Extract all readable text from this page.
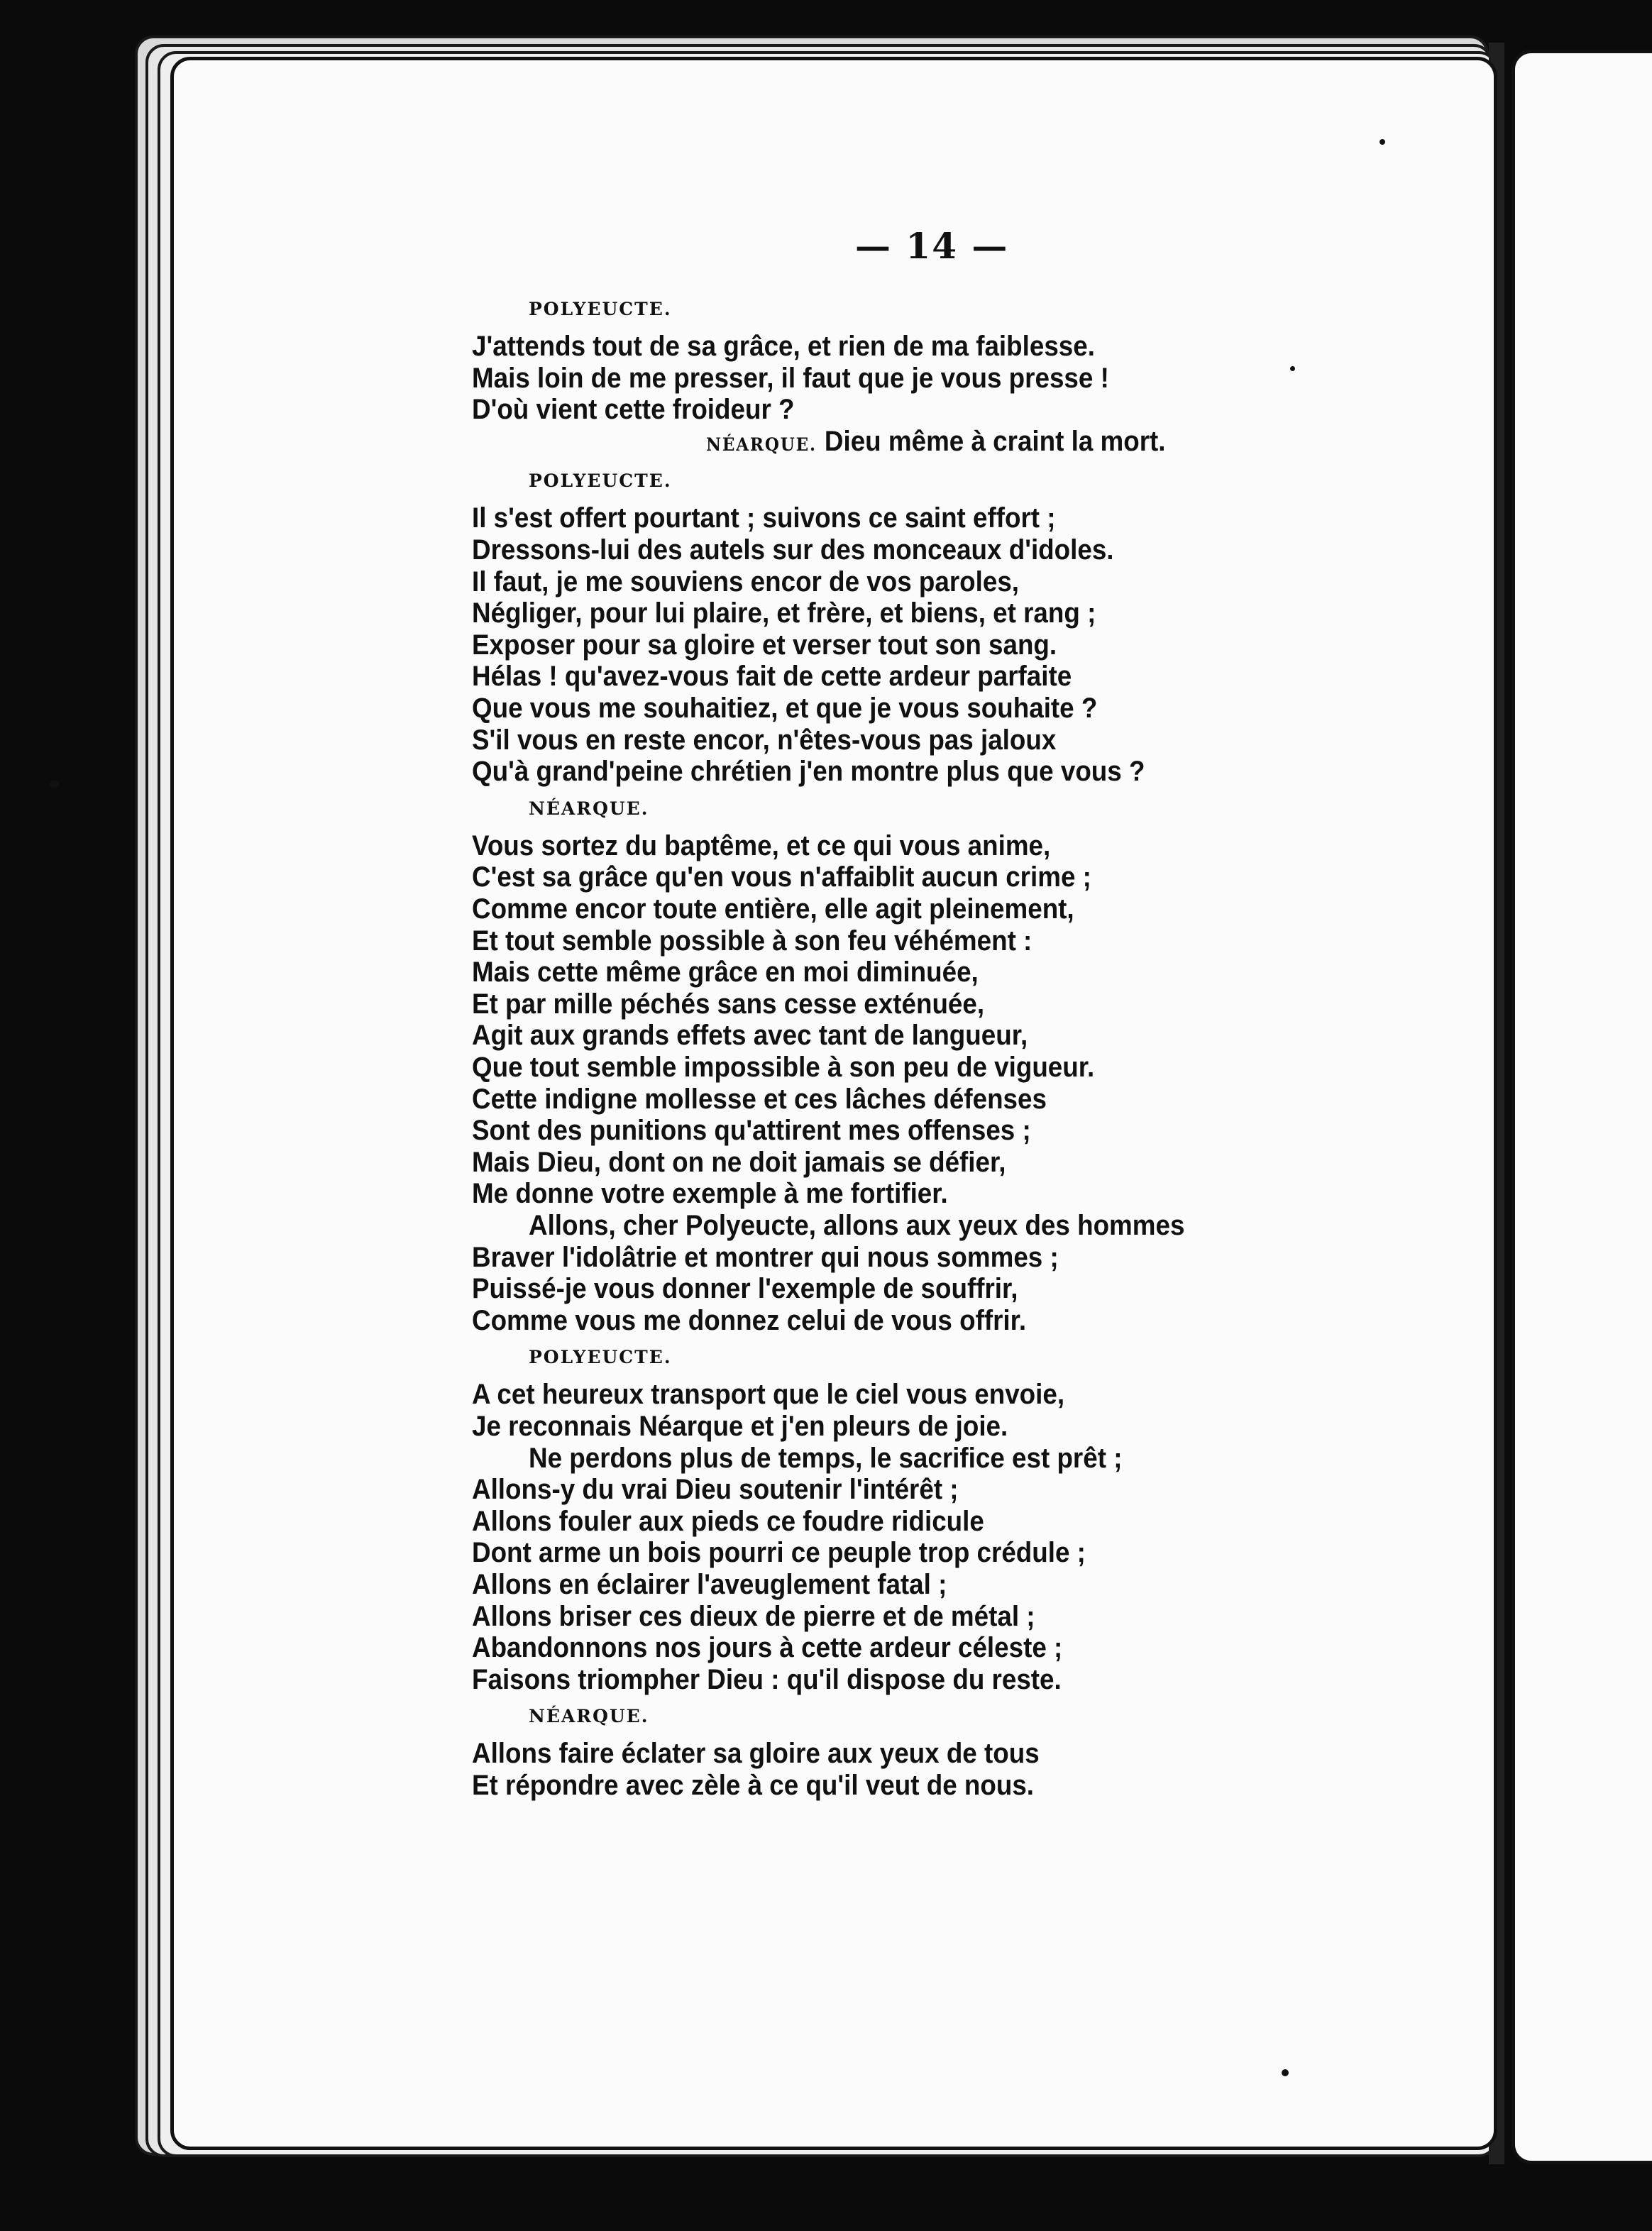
— 14 —
POLYEUCTE.
J'attends tout de sa grâce, et rien de ma faiblesse.
Mais loin de me presser, il faut que je vous presse !
D'où vient cette froideur ?
NÉARQUE. Dieu même à craint la mort.
POLYEUCTE.
Il s'est offert pourtant ; suivons ce saint effort ;
Dressons-lui des autels sur des monceaux d'idoles.
Il faut, je me souviens encor de vos paroles,
Négliger, pour lui plaire, et frère, et biens, et rang ;
Exposer pour sa gloire et verser tout son sang.
Hélas ! qu'avez-vous fait de cette ardeur parfaite
Que vous me souhaitiez, et que je vous souhaite ?
S'il vous en reste encor, n'êtes-vous pas jaloux
Qu'à grand'peine chrétien j'en montre plus que vous ?
NÉARQUE.
Vous sortez du baptême, et ce qui vous anime,
C'est sa grâce qu'en vous n'affaiblit aucun crime ;
Comme encor toute entière, elle agit pleinement,
Et tout semble possible à son feu véhément :
Mais cette même grâce en moi diminuée,
Et par mille péchés sans cesse exténuée,
Agit aux grands effets avec tant de langueur,
Que tout semble impossible à son peu de vigueur.
Cette indigne mollesse et ces lâches défenses
Sont des punitions qu'attirent mes offenses ;
Mais Dieu, dont on ne doit jamais se défier,
Me donne votre exemple à me fortifier.
Allons, cher Polyeucte, allons aux yeux des hommes
Braver l'idolâtrie et montrer qui nous sommes ;
Puissé-je vous donner l'exemple de souffrir,
Comme vous me donnez celui de vous offrir.
POLYEUCTE.
A cet heureux transport que le ciel vous envoie,
Je reconnais Néarque et j'en pleurs de joie.
Ne perdons plus de temps, le sacrifice est prêt ;
Allons-y du vrai Dieu soutenir l'intérêt ;
Allons fouler aux pieds ce foudre ridicule
Dont arme un bois pourri ce peuple trop crédule ;
Allons en éclairer l'aveuglement fatal ;
Allons briser ces dieux de pierre et de métal ;
Abandonnons nos jours à cette ardeur céleste ;
Faisons triompher Dieu : qu'il dispose du reste.
NÉARQUE.
Allons faire éclater sa gloire aux yeux de tous
Et répondre avec zèle à ce qu'il veut de nous.
